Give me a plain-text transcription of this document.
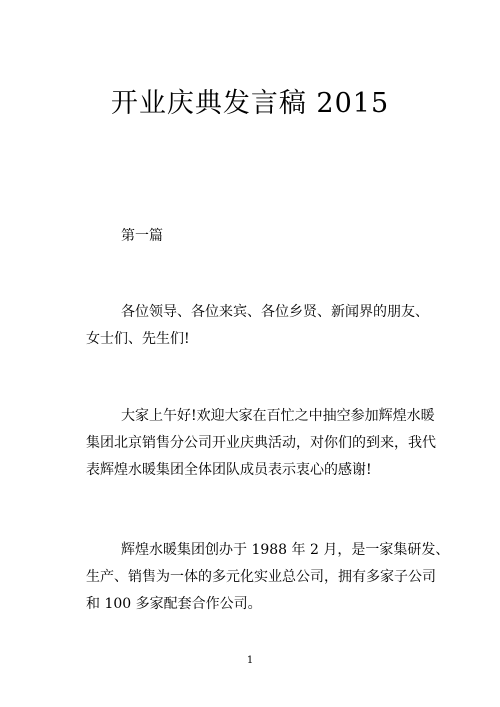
开业庆典发言稿 2015
第一篇
各位领导、各位来宾、各位乡贤、新闻界的朋友、
女士们、先生们!
大家上午好!欢迎大家在百忙之中抽空参加辉煌水暖
集团北京销售分公司开业庆典活动，对你们的到来，我代
表辉煌水暖集团全体团队成员表示衷心的感谢!
辉煌水暖集团创办于 1988 年 2 月，是一家集研发、
生产、销售为一体的多元化实业总公司，拥有多家子公司
和 100 多家配套合作公司。
1
